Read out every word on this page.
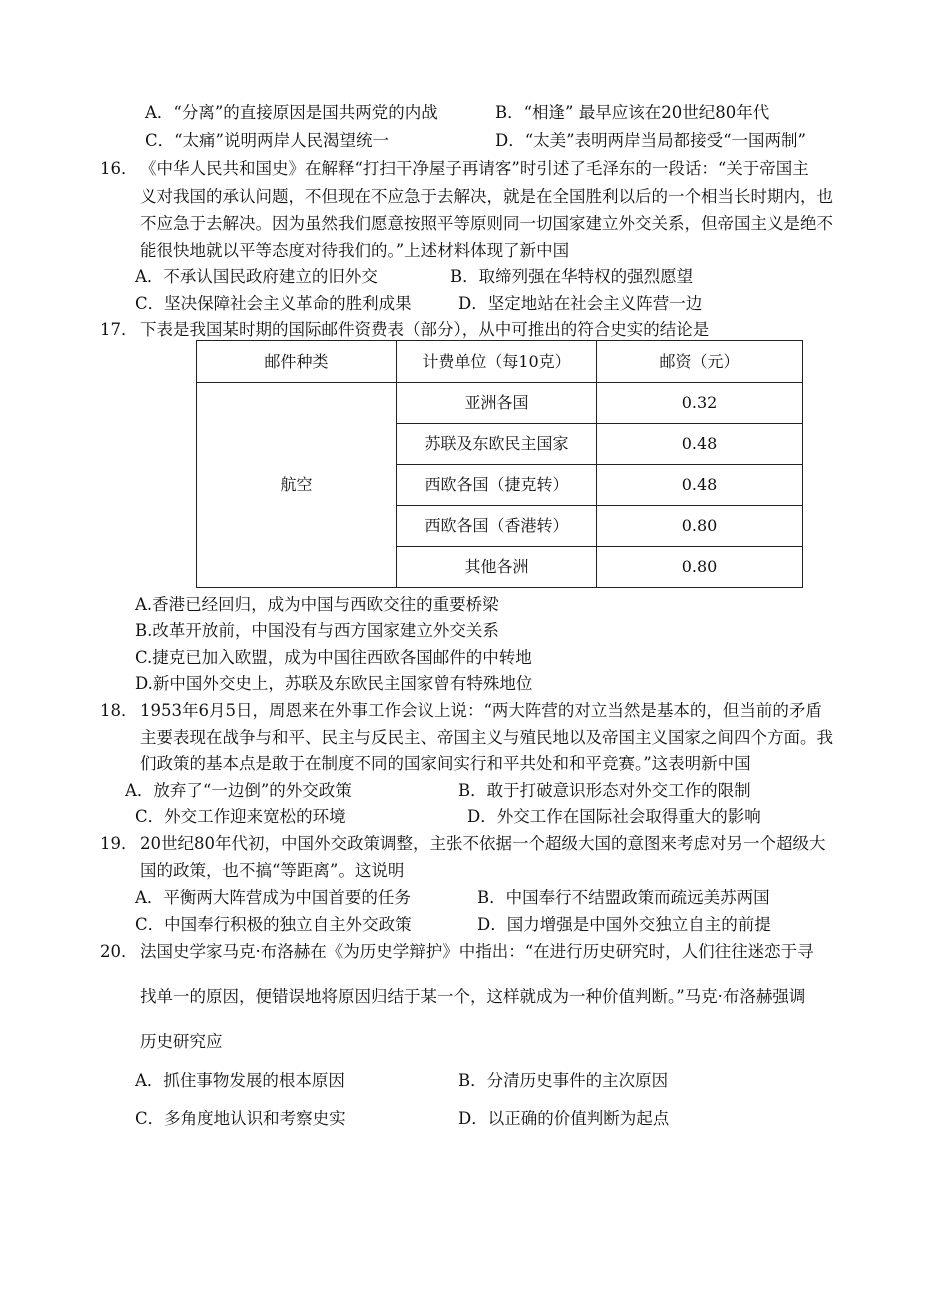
A．“分离”的直接原因是国共两党的内战	B．“相逢” 最早应该在20世纪80年代
C．“太痛”说明两岸人民渴望统一	D．“太美”表明两岸当局都接受“一国两制”
16． 《中华人民共和国史》在解释“打扫干净屋子再请客”时引述了毛泽东的一段话：“关于帝国主
义对我国的承认问题，不但现在不应急于去解决，就是在全国胜利以后的一个相当长时期内，也
不应急于去解决。因为虽然我们愿意按照平等原则同一切国家建立外交关系，但帝国主义是绝不
能很快地就以平等态度对待我们的。”上述材料体现了新中国
A．不承认国民政府建立的旧外交	B．取缔列强在华特权的强烈愿望
C．坚决保障社会主义革命的胜利成果	D．坚定地站在社会主义阵营一边
17． 下表是我国某时期的国际邮件资费表（部分），从中可推出的符合史实的结论是
邮件种类	计费单位（每10克）	邮资（元）
航空	亚洲各国	0.32
	苏联及东欧民主国家	0.48
	西欧各国（捷克转）	0.48
	西欧各国（香港转）	0.80
	其他各洲	0.80
A.香港已经回归，成为中国与西欧交往的重要桥梁
B.改革开放前，中国没有与西方国家建立外交关系
C.捷克已加入欧盟，成为中国往西欧各国邮件的中转地
D.新中国外交史上，苏联及东欧民主国家曾有特殊地位
18． 1953年6月5日，周恩来在外事工作会议上说：“两大阵营的对立当然是基本的，但当前的矛盾
主要表现在战争与和平、民主与反民主、帝国主义与殖民地以及帝国主义国家之间四个方面。我
们政策的基本点是敢于在制度不同的国家间实行和平共处和和平竞赛。”这表明新中国
A．放弃了“一边倒”的外交政策	B．敢于打破意识形态对外交工作的限制
C．外交工作迎来宽松的环境	D．外交工作在国际社会取得重大的影响
19． 20世纪80年代初，中国外交政策调整，主张不依据一个超级大国的意图来考虑对另一个超级大
国的政策，也不搞“等距离”。这说明
A．平衡两大阵营成为中国首要的任务	B．中国奉行不结盟政策而疏远美苏两国
C．中国奉行积极的独立自主外交政策	D．国力增强是中国外交独立自主的前提
20． 法国史学家马克·布洛赫在《为历史学辩护》中指出：“在进行历史研究时，人们往往迷恋于寻
找单一的原因，便错误地将原因归结于某一个，这样就成为一种价值判断。”马克·布洛赫强调
历史研究应
A．抓住事物发展的根本原因	B．分清历史事件的主次原因
C．多角度地认识和考察史实	D．以正确的价值判断为起点
